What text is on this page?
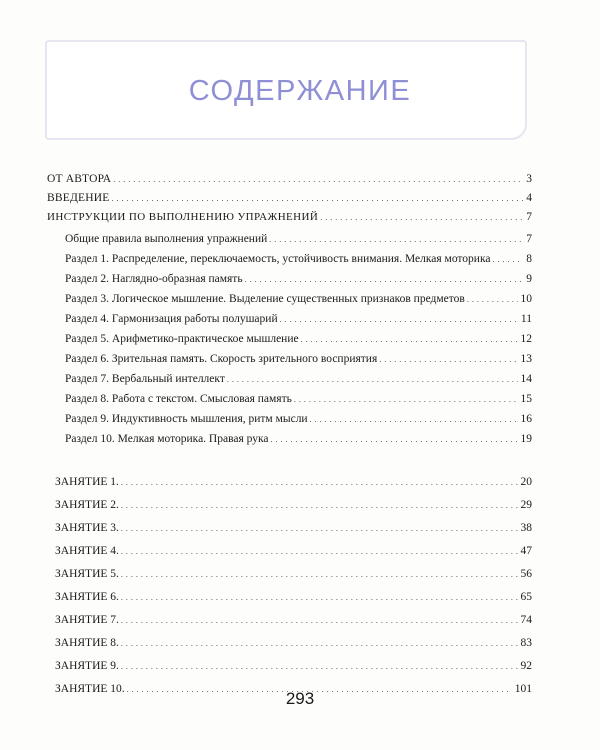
СОДЕРЖАНИЕ
ОТ АВТОРА . . .	3
ВВЕДЕНИЕ . . .	4
ИНСТРУКЦИИ ПО ВЫПОЛНЕНИЮ УПРАЖНЕНИЙ . . .	7
Общие правила выполнения упражнений . . .	7
Раздел 1. Распределение, переключаемость, устойчивость внимания. Мелкая моторика . . .	8
Раздел 2. Наглядно-образная память . . .	9
Раздел 3. Логическое мышление. Выделение существенных признаков предметов . . .	10
Раздел 4. Гармонизация работы полушарий . . .	11
Раздел 5. Арифметико-практическое мышление . . .	12
Раздел 6. Зрительная память. Скорость зрительного восприятия . . .	13
Раздел 7. Вербальный интеллект . . .	14
Раздел 8. Работа с текстом. Смысловая память . . .	15
Раздел 9. Индуктивность мышления, ритм мысли . . .	16
Раздел 10. Мелкая моторика. Правая рука . . .	19
ЗАНЯТИЕ 1. . . .	20
ЗАНЯТИЕ 2. . . .	29
ЗАНЯТИЕ 3. . . .	38
ЗАНЯТИЕ 4. . . .	47
ЗАНЯТИЕ 5. . . .	56
ЗАНЯТИЕ 6. . . .	65
ЗАНЯТИЕ 7. . . .	74
ЗАНЯТИЕ 8. . . .	83
ЗАНЯТИЕ 9. . . .	92
ЗАНЯТИЕ 10. . . .	101
293
